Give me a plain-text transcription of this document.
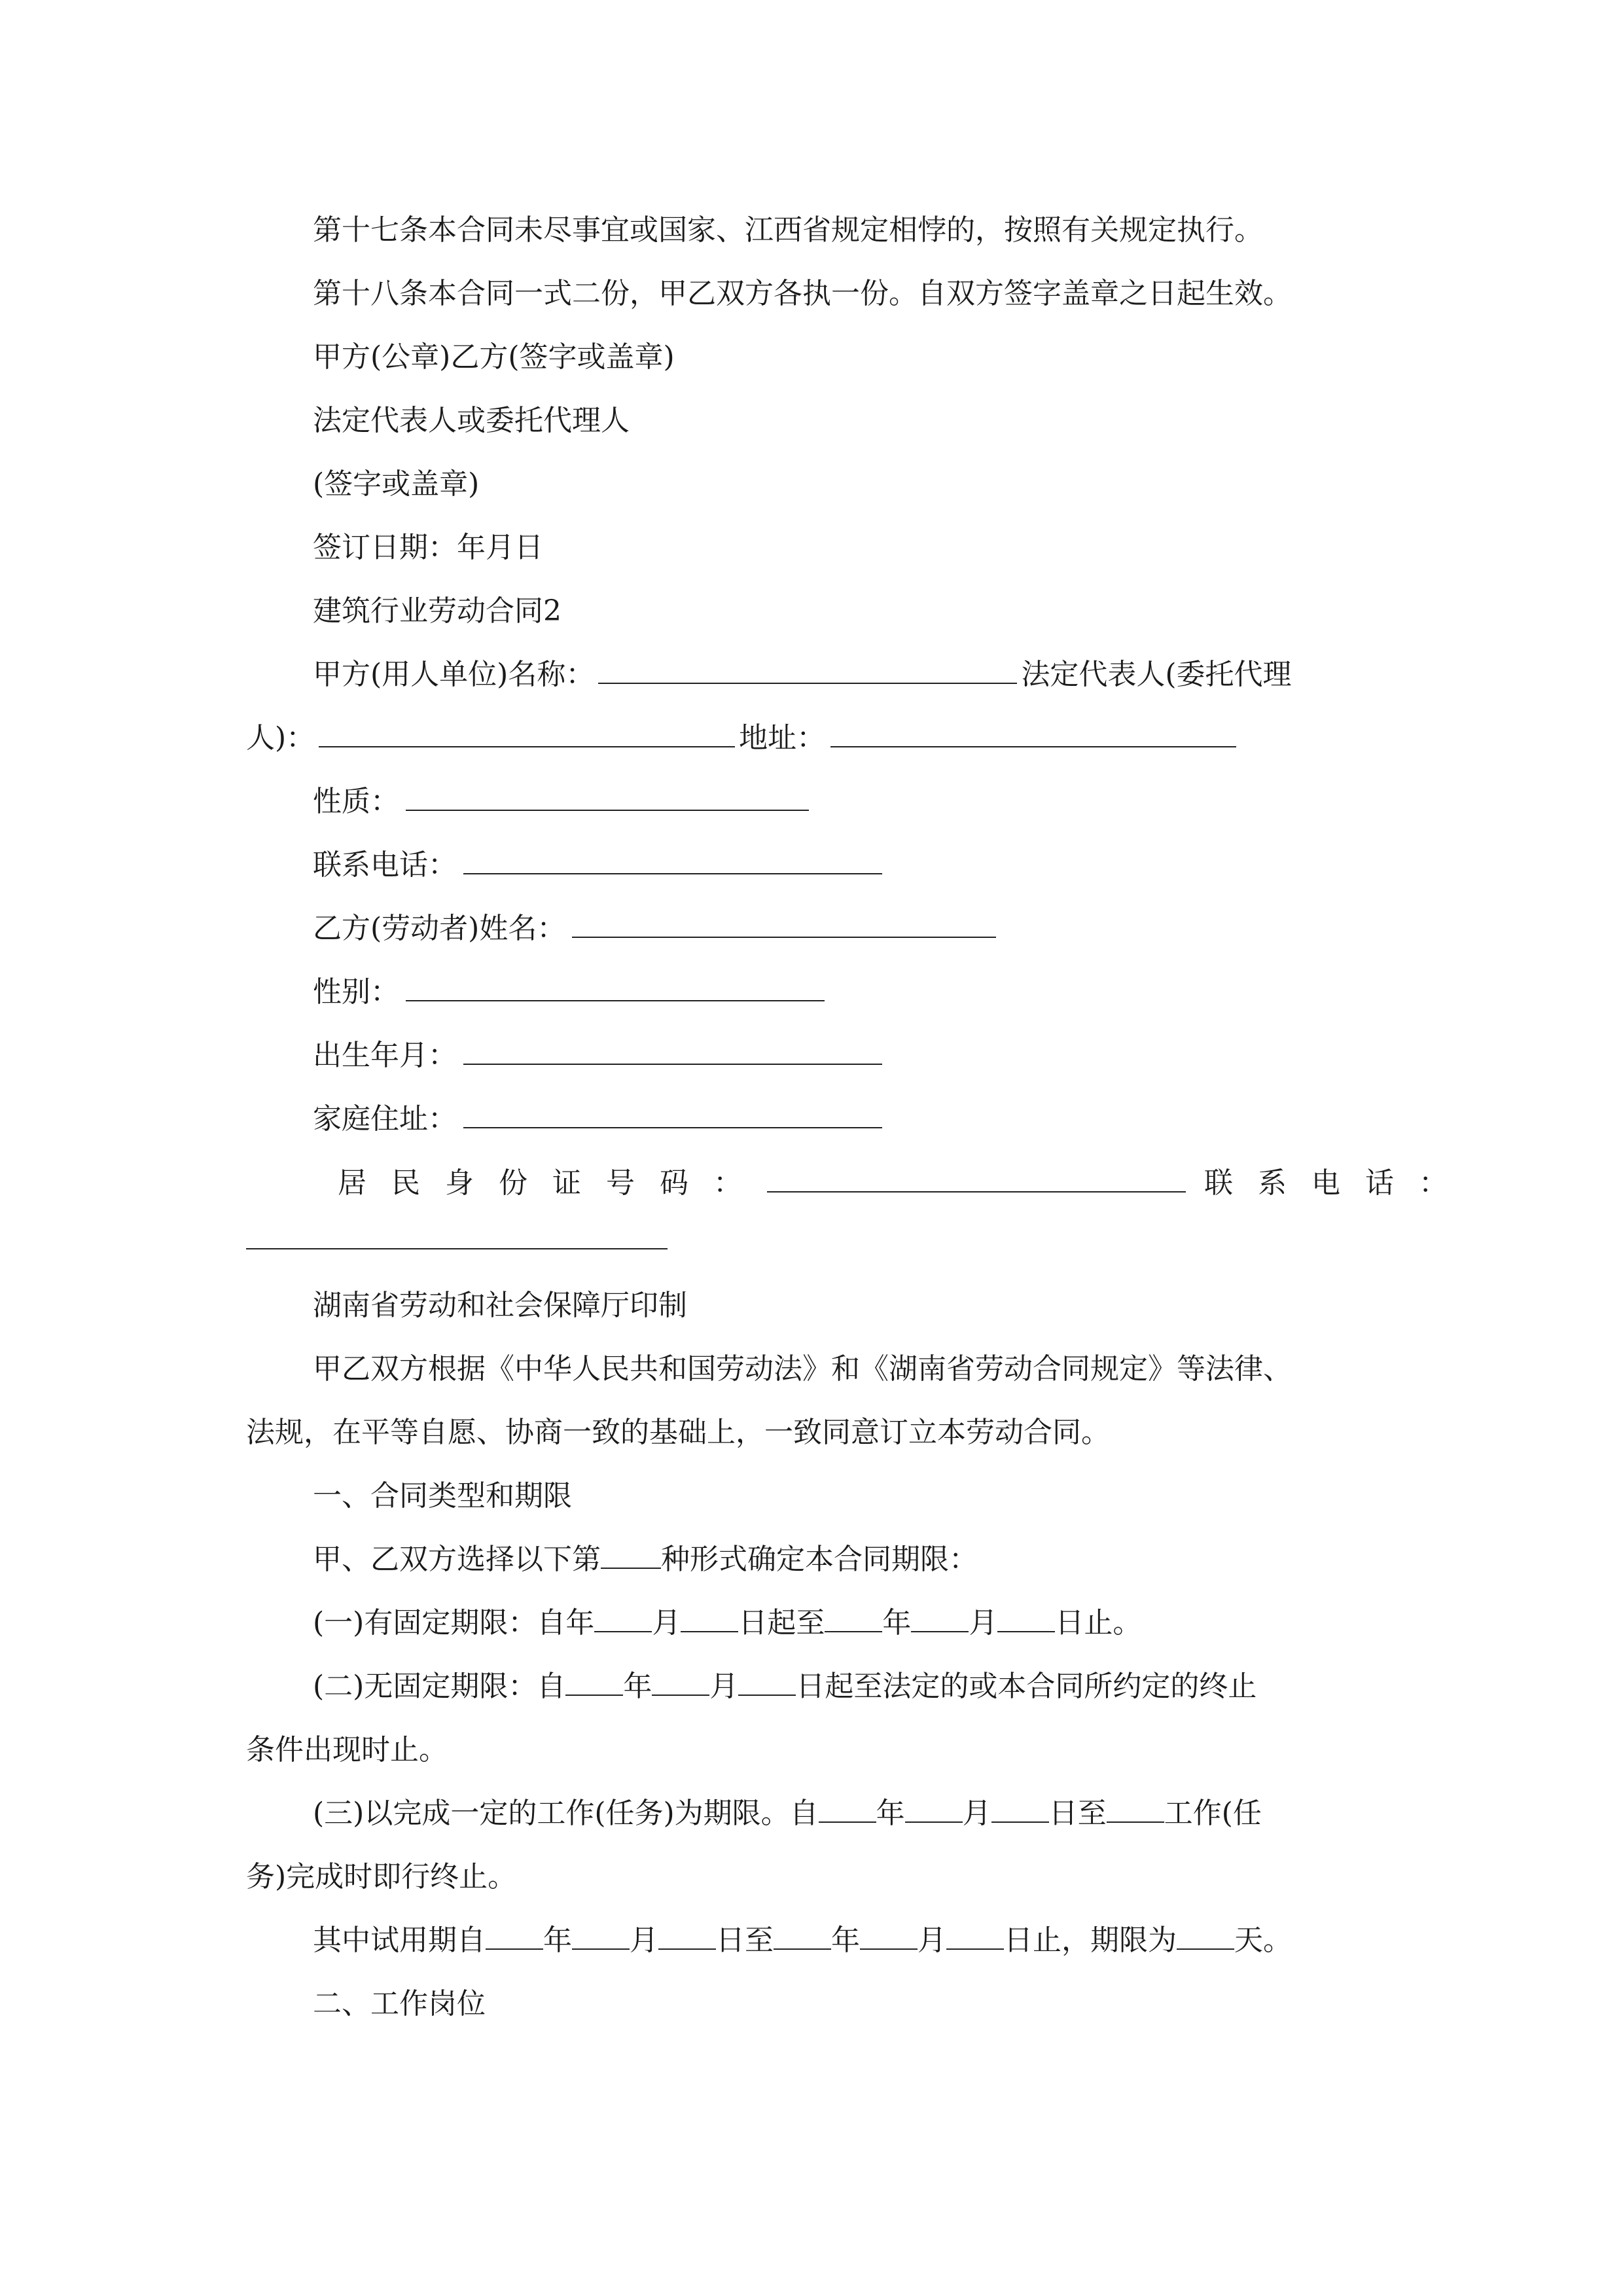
第十七条本合同未尽事宜或国家、江西省规定相悖的，按照有关规定执行。
第十八条本合同一式二份，甲乙双方各执一份。自双方签字盖章之日起生效。
甲方(公章)乙方(签字或盖章)
法定代表人或委托代理人
(签字或盖章)
签订日期：年月日
建筑行业劳动合同2
甲方(用人单位)名称：	法定代表人(委托代理
人)：	地址：
性质：
联系电话：
乙方(劳动者)姓名：
性别：
出生年月：
家庭住址：
居民身份证号码：	联系电话：
湖南省劳动和社会保障厅印制
甲乙双方根据《中华人民共和国劳动法》和《湖南省劳动合同规定》等法律、
法规，在平等自愿、协商一致的基础上，一致同意订立本劳动合同。
一、合同类型和期限
甲、乙双方选择以下第 种形式确定本合同期限：
(一)有固定期限：自年 月 日起至 年 月 日止。
(二)无固定期限：自 年 月 日起至法定的或本合同所约定的终止
条件出现时止。
(三)以完成一定的工作(任务)为期限。自 年 月 日至 工作(任
务)完成时即行终止。
其中试用期自 年 月 日至 年 月 日止，期限为 天。
二、工作岗位
